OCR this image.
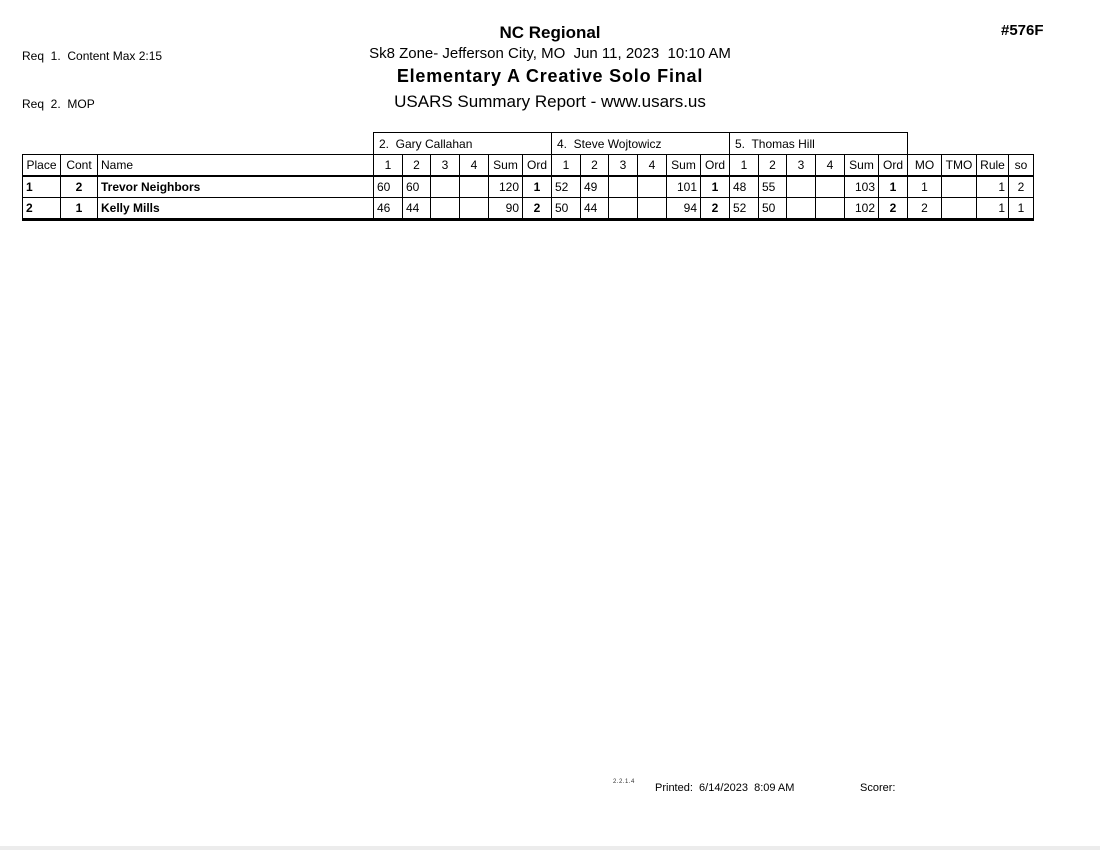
Req  1.  Content Max 2:15

Req  2.  MOP

#576F
NC Regional
Sk8 Zone- Jefferson City, MO  Jun 11, 2023  10:10 AM
Elementary A Creative Solo Final
USARS Summary Report - www.usars.us
			2.  Gary Callahan						4.  Steve Wojtowicz						5.  Thomas Hill									
Place	Cont	Name	1	2	3	4	Sum	Ord	1	2	3	4	Sum	Ord	1	2	3	4	Sum	Ord	MO	TMO	Rule	so
1	2	Trevor Neighbors	60	60			120	1	52	49			101	1	48	55			103	1	1		1	2
2	1	Kelly Mills	46	44			90	2	50	44			94	2	52	50			102	2	2		1	1
2.2.1.4 Printed:  6/14/2023  8:09 AM	Scorer:
